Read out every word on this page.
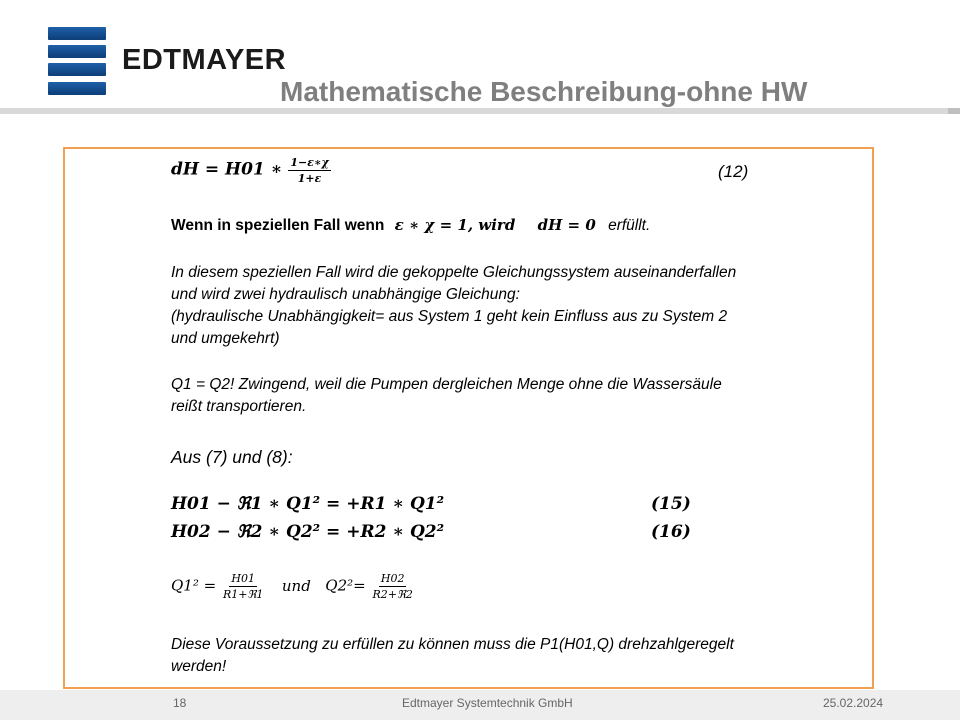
EDTMAYER
Mathematische Beschreibung-ohne HW
dH = H01 ∗ $\frac{1-\varepsilon∗\chi}{1+\varepsilon}$	(12)
Wenn in speziellen Fall wenn ε ∗ χ = 1, wird dH = 0 erfüllt.
In diesem speziellen Fall wird die gekoppelte Gleichungssystem auseinanderfallen
und wird zwei hydraulisch unabhängige Gleichung:
(hydraulische Unabhängigkeit= aus System 1 geht kein Einfluss aus zu System 2
und umgekehrt)
Q1 = Q2! Zwingend, weil die Pumpen dergleichen Menge ohne die Wassersäule
reißt transportieren.
Aus (7) und (8):
H01 − ℜ1 ∗ Q1² = +R1 ∗ Q1²	(15)
H02 − ℜ2 ∗ Q2² = +R2 ∗ Q2²	(16)
$Q1^2 = \frac{H01}{\text{R1+ℜ1}}$ und $Q2^2= \frac{H02}{\text{R2+ℜ2}}$
Diese Voraussetzung zu erfüllen zu können muss die P1(H01,Q) drehzahlgeregelt
werden!
18	Edtmayer Systemtechnik GmbH	25.02.2024
